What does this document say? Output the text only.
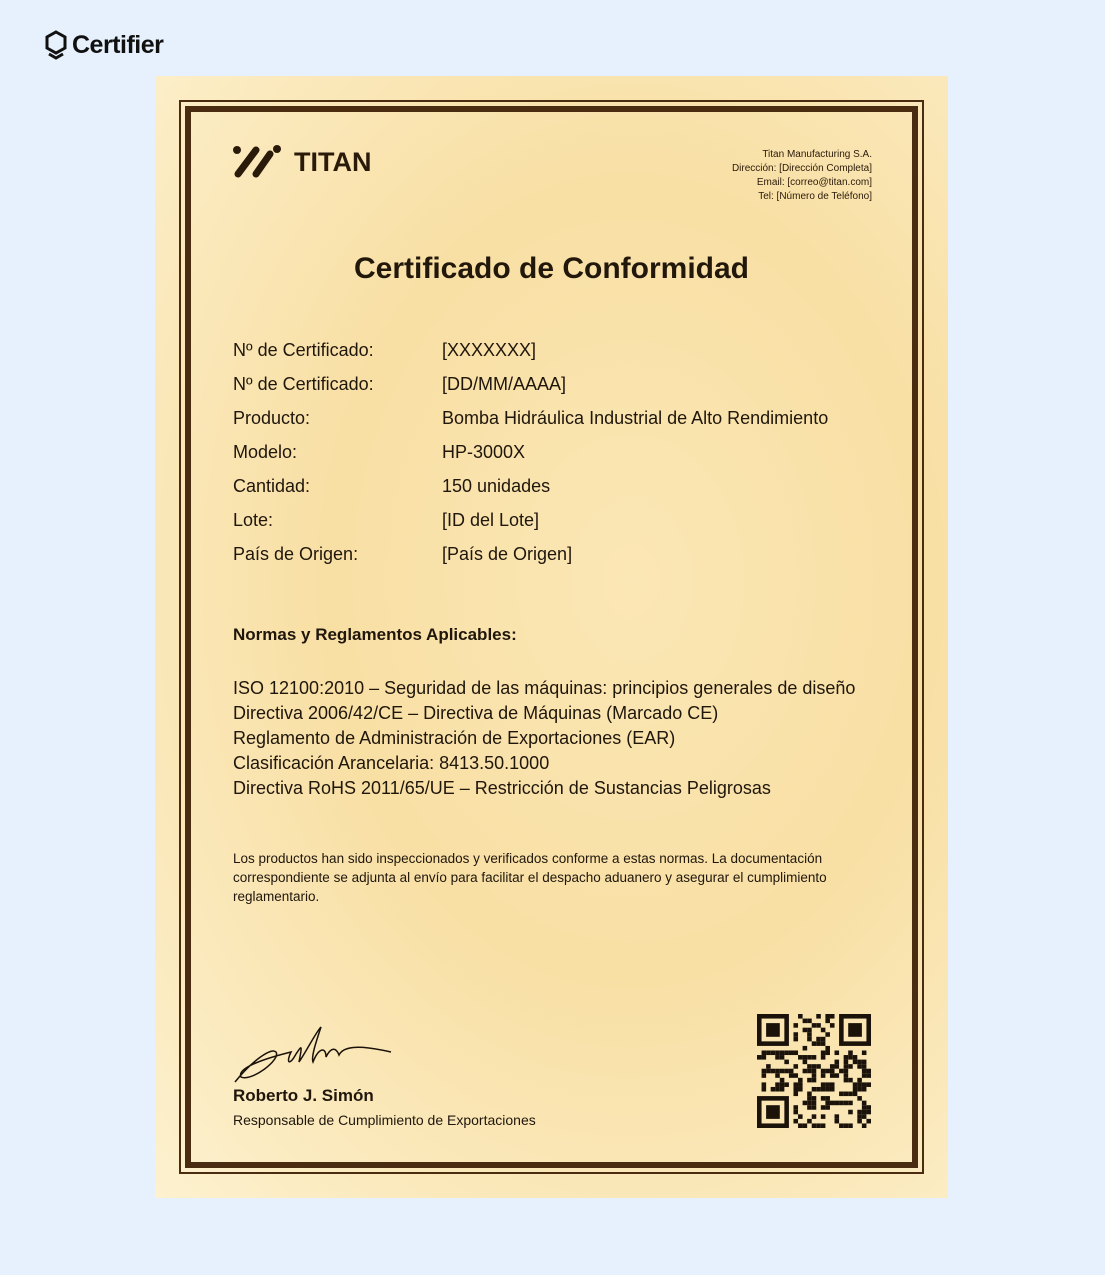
Certifier
TITAN	Titan Manufacturing S.A.
Dirección: [Dirección Completa]
Email: [correo@titan.com]
Tel: [Número de Teléfono]
Certificado de Conformidad
Nº de Certificado:	[XXXXXXX]
Nº de Certificado:	[DD/MM/AAAA]
Producto:	Bomba Hidráulica Industrial de Alto Rendimiento
Modelo:	HP-3000X
Cantidad:	150 unidades
Lote:	[ID del Lote]
País de Origen:	[País de Origen]
Normas y Reglamentos Aplicables:
ISO 12100:2010 – Seguridad de las máquinas: principios generales de diseño
Directiva 2006/42/CE – Directiva de Máquinas (Marcado CE)
Reglamento de Administración de Exportaciones (EAR)
Clasificación Arancelaria: 8413.50.1000
Directiva RoHS 2011/65/UE – Restricción de Sustancias Peligrosas
Los productos han sido inspeccionados y verificados conforme a estas normas. La documentación correspondiente se adjunta al envío para facilitar el despacho aduanero y asegurar el cumplimiento reglamentario.
Roberto J. Simón
Responsable de Cumplimiento de Exportaciones
